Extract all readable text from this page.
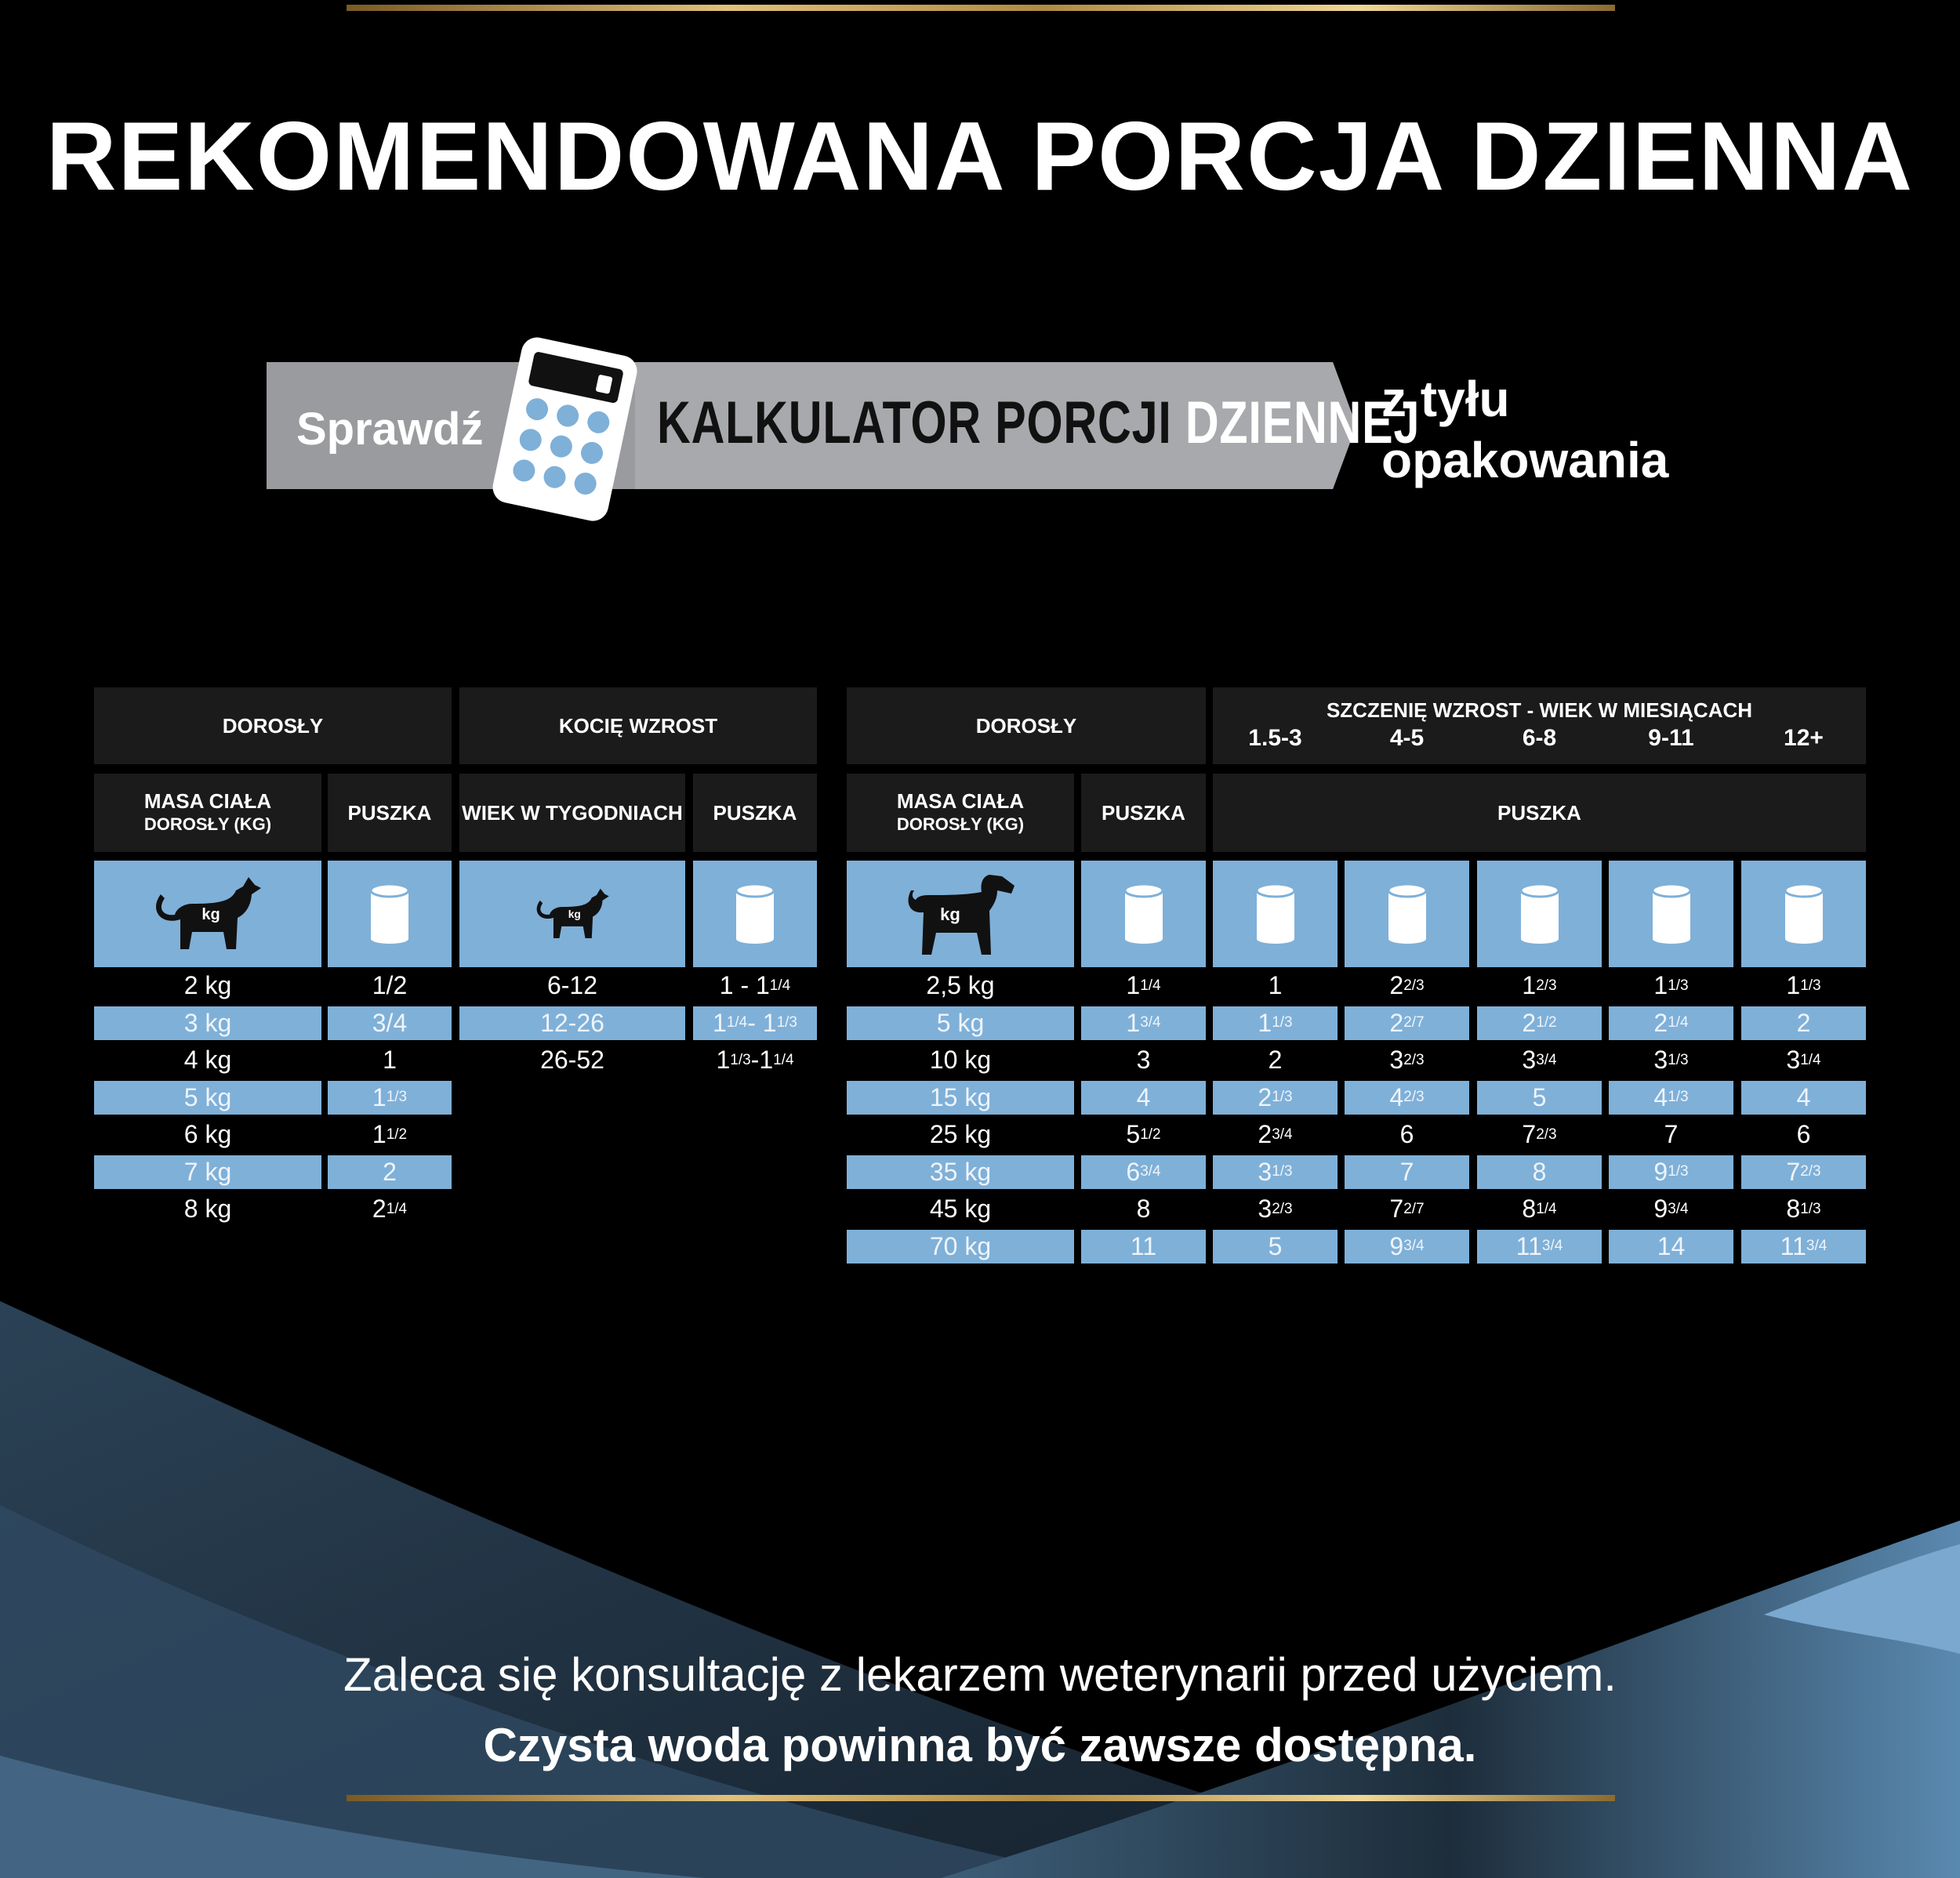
REKOMENDOWANA PORCJA DZIENNA
Sprawdź	KALKULATOR PORCJI DZIENNEJ
z tyłu
opakowania
DOROSŁY	KOCIĘ WZROST
MASA CIAŁA
DOROSŁY (KG)	PUSZKA	WIEK W TYGODNIACH	PUSZKA
kg	kg
2 kg	1/2
3 kg	3/4
4 kg	1
5 kg	1 1/3
6 kg	1 1/2
7 kg	2
8 kg	2 1/4
6-12	1 - 1 1/4
12-26	1 1/4 - 1 1/3
26-52	1 1/3 -1 1/4
DOROSŁY
SZCZENIĘ WZROST - WIEK W MIESIĄCACH
1.5-3	4-5	6-8	9-11	12+
MASA CIAŁA
DOROSŁY (KG)	PUSZKA	PUSZKA
kg
2,5 kg	1 1/4	1	2 2/3	1 2/3	1 1/3	1 1/3
5 kg	1 3/4	1 1/3	2 2/7	2 1/2	2 1/4	2
10 kg	3	2	3 2/3	3 3/4	3 1/3	3 1/4
15 kg	4	2 1/3	4 2/3	5	4 1/3	4
25 kg	5 1/2	2 3/4	6	7 2/3	7	6
35 kg	6 3/4	3 1/3	7	8	9 1/3	7 2/3
45 kg	8	3 2/3	7 2/7	8 1/4	9 3/4	8 1/3
70 kg	11	5	9 3/4	11 3/4	14	11 3/4
Zaleca się konsultację z lekarzem weterynarii przed użyciem.
Czysta woda powinna być zawsze dostępna.
